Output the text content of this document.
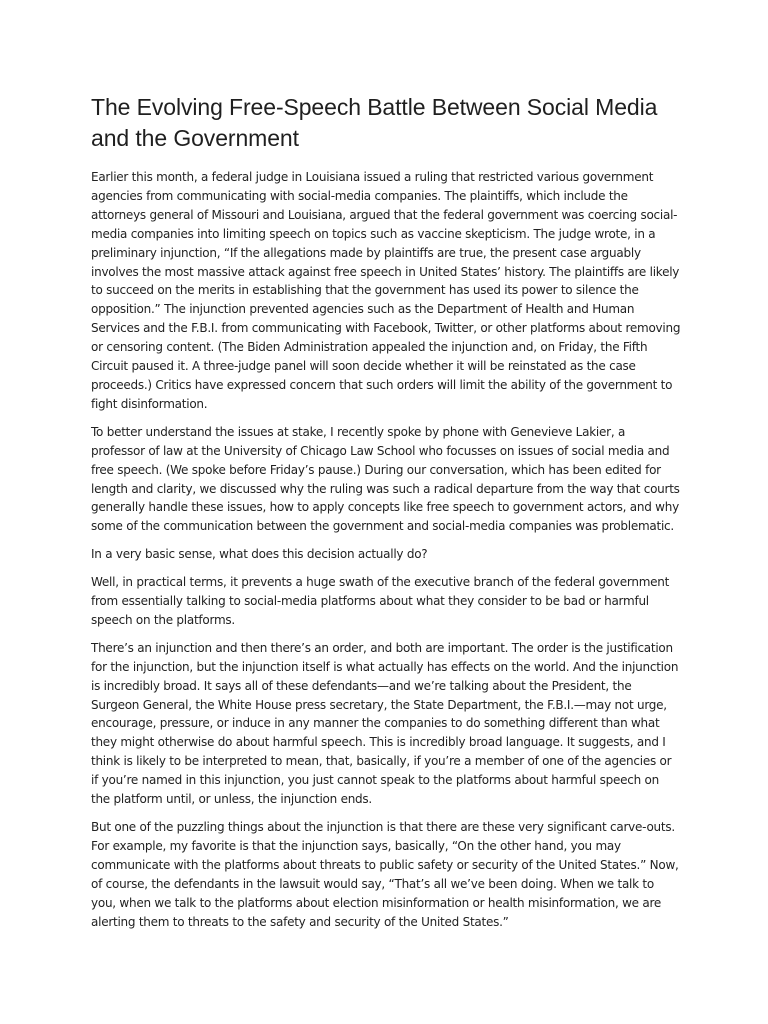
The Evolving Free-Speech Battle Between Social Media and the Government

Earlier this month, a federal judge in Louisiana issued a ruling that restricted various government agencies from communicating with social-media companies. The plaintiffs, which include the attorneys general of Missouri and Louisiana, argued that the federal government was coercing social-media companies into limiting speech on topics such as vaccine skepticism. The judge wrote, in a preliminary injunction, “If the allegations made by plaintiffs are true, the present case arguably involves the most massive attack against free speech in United States’ history. The plaintiffs are likely to succeed on the merits in establishing that the government has used its power to silence the opposition.” The injunction prevented agencies such as the Department of Health and Human Services and the F.B.I. from communicating with Facebook, Twitter, or other platforms about removing or censoring content. (The Biden Administration appealed the injunction and, on Friday, the Fifth Circuit paused it. A three-judge panel will soon decide whether it will be reinstated as the case proceeds.) Critics have expressed concern that such orders will limit the ability of the government to fight disinformation.

To better understand the issues at stake, I recently spoke by phone with Genevieve Lakier, a professor of law at the University of Chicago Law School who focusses on issues of social media and free speech. (We spoke before Friday’s pause.) During our conversation, which has been edited for length and clarity, we discussed why the ruling was such a radical departure from the way that courts generally handle these issues, how to apply concepts like free speech to government actors, and why some of the communication between the government and social-media companies was problematic.

In a very basic sense, what does this decision actually do?

Well, in practical terms, it prevents a huge swath of the executive branch of the federal government from essentially talking to social-media platforms about what they consider to be bad or harmful speech on the platforms.

There’s an injunction and then there’s an order, and both are important. The order is the justification for the injunction, but the injunction itself is what actually has effects on the world. And the injunction is incredibly broad. It says all of these defendants—and we’re talking about the President, the Surgeon General, the White House press secretary, the State Department, the F.B.I.—may not urge, encourage, pressure, or induce in any manner the companies to do something different than what they might otherwise do about harmful speech. This is incredibly broad language. It suggests, and I think is likely to be interpreted to mean, that, basically, if you’re a member of one of the agencies or if you’re named in this injunction, you just cannot speak to the platforms about harmful speech on the platform until, or unless, the injunction ends.

But one of the puzzling things about the injunction is that there are these very significant carve-outs. For example, my favorite is that the injunction says, basically, “On the other hand, you may communicate with the platforms about threats to public safety or security of the United States.” Now, of course, the defendants in the lawsuit would say, “That’s all we’ve been doing. When we talk to you, when we talk to the platforms about election misinformation or health misinformation, we are alerting them to threats to the safety and security of the United States.”
